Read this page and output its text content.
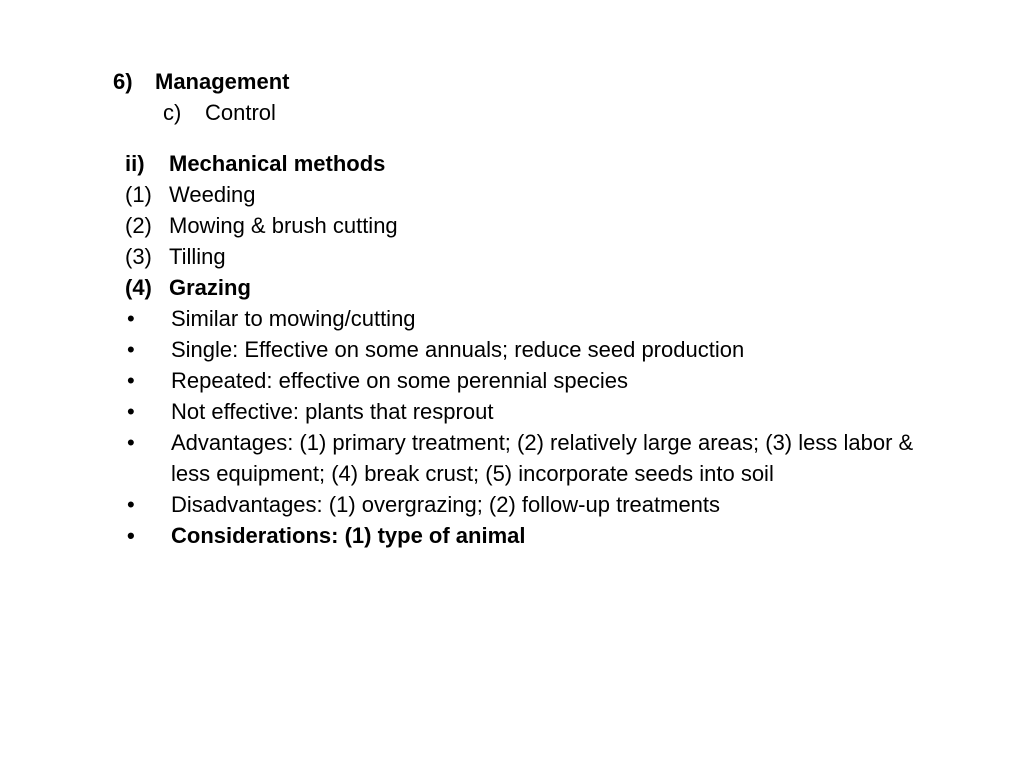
6)	Management
c)	Control
ii)	Mechanical methods
(1) Weeding
(2) Mowing & brush cutting
(3) Tilling
(4) Grazing
•	Similar to mowing/cutting
•	Single: Effective on some annuals; reduce seed production
•	Repeated: effective on some perennial species
•	Not effective: plants that resprout
•	Advantages: (1) primary treatment; (2) relatively large areas; (3) less labor & less equipment; (4) break crust; (5) incorporate seeds into soil
•	Disadvantages: (1) overgrazing; (2) follow-up treatments
•	Considerations: (1) type of animal
